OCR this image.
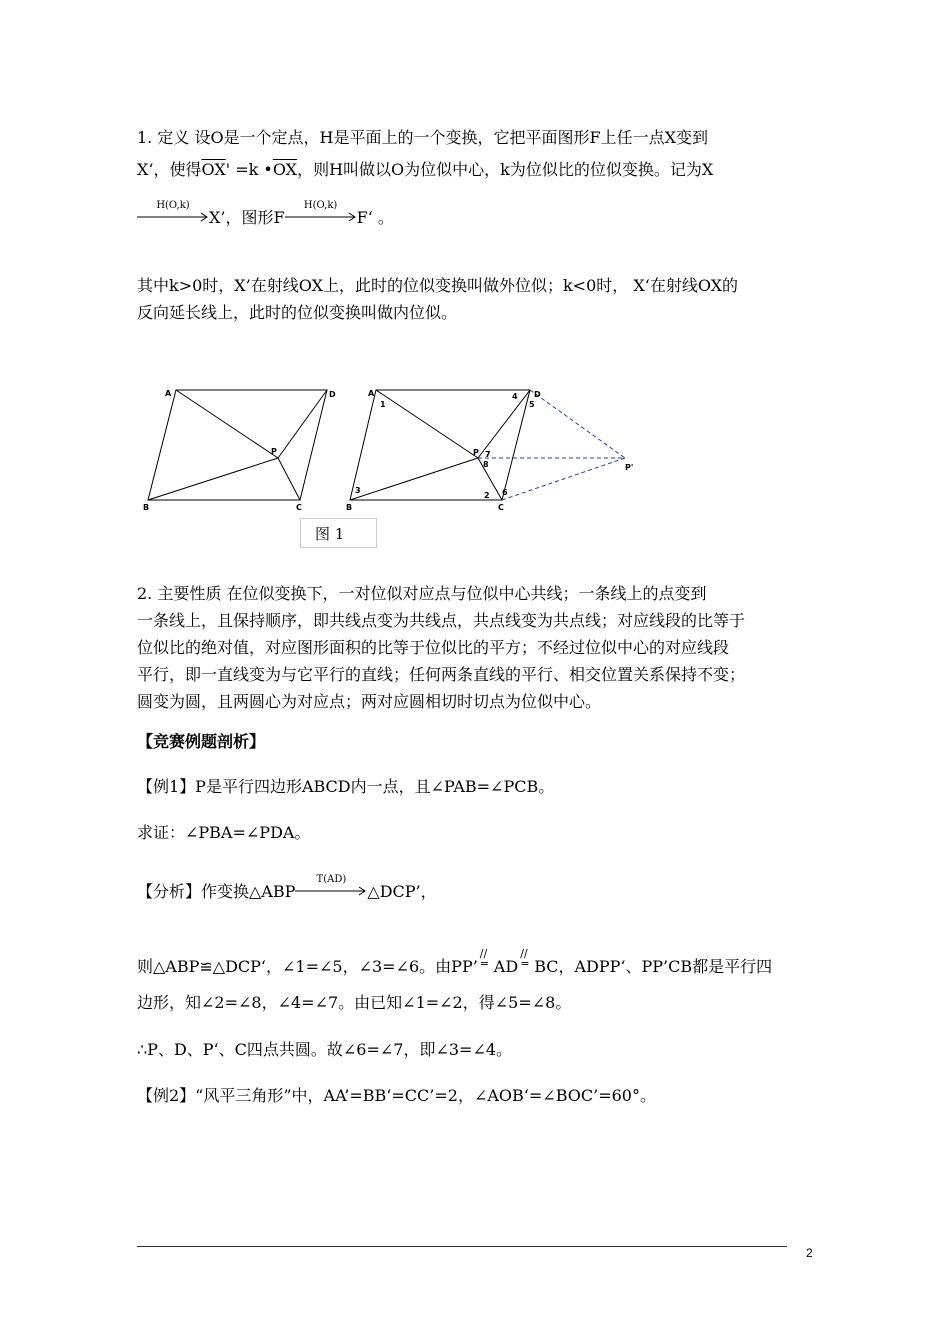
1. 定义 设O是一个定点，H是平面上的一个变换，它把平面图形F上任一点X变到
X‘，使得$\overline{OX}' =k$ $•\overline{OX}$，则H叫做以O为位似中心，k为位似比的位似变换。记为X
H(O,k)
X’，图形F
H(O,k)
F‘ 。
其中k>0时，X’在射线OX上，此时的位似变换叫做外位似；k<0时， X‘在射线OX的
反向延长线上，此时的位似变换叫做内位似。
A	D
P
B	C
A
1
D
4
5
P 7
8	P'
3
2 6
B	C
图 1
2. 主要性质 在位似变换下，一对位似对应点与位似中心共线；一条线上的点变到
一条线上，且保持顺序，即共线点变为共线点，共点线变为共点线；对应线段的比等于
位似比的绝对值，对应图形面积的比等于位似比的平方；不经过位似中心的对应线段
平行，即一直线变为与它平行的直线；任何两条直线的平行、相交位置关系保持不变；
圆变为圆，且两圆心为对应点；两对应圆相切时切点为位似中心。
【竞赛例题剖析】
【例1】P是平行四边形ABCD内一点，且∠PAB=∠PCB。
求证：∠PBA=∠PDA。
【分析】作变换△ABP
T(AD)
△DCP’，
则△ABP≌△DCP‘，∠1=∠5，∠3=∠6。由PP’
//
= AD
//
= BC，ADPP‘、PP’CB都是平行四
边形，知∠2=∠8，∠4=∠7。由已知∠1=∠2，得∠5=∠8。
∴P、D、P‘、C四点共圆。故∠6=∠7，即∠3=∠4。
【例2】“风平三角形”中，AA’=BB‘=CC’=2，∠AOB‘=∠BOC’=60°。
2
